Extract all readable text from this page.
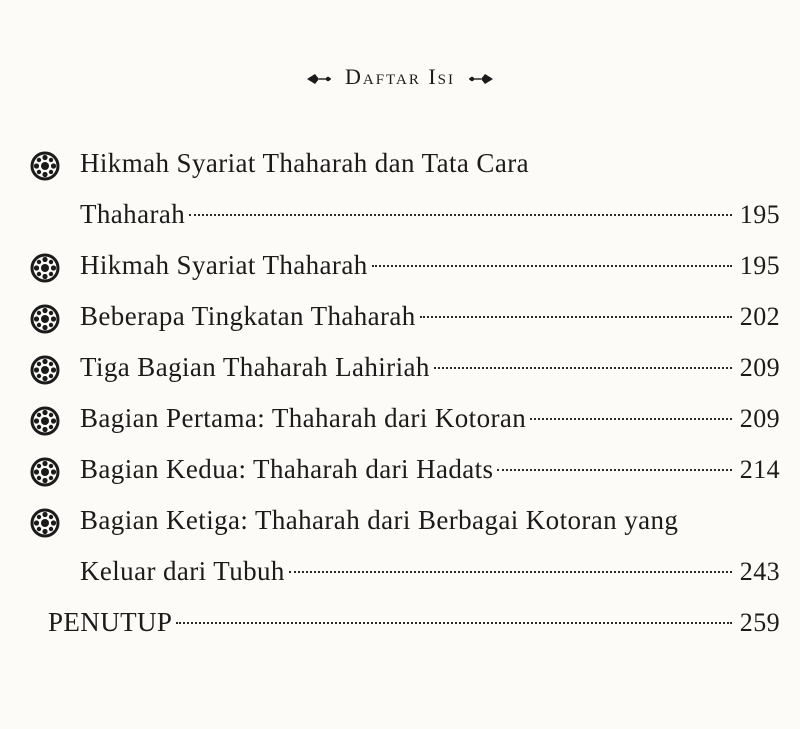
Daftar Isi
Hikmah Syariat Thaharah dan Tata Cara
Thaharah	195
Hikmah Syariat Thaharah	195
Beberapa Tingkatan Thaharah	202
Tiga Bagian Thaharah Lahiriah	209
Bagian Pertama: Thaharah dari Kotoran	209
Bagian Kedua: Thaharah dari Hadats	214
Bagian Ketiga: Thaharah dari Berbagai Kotoran yang
Keluar dari Tubuh	243
PENUTUP	259
